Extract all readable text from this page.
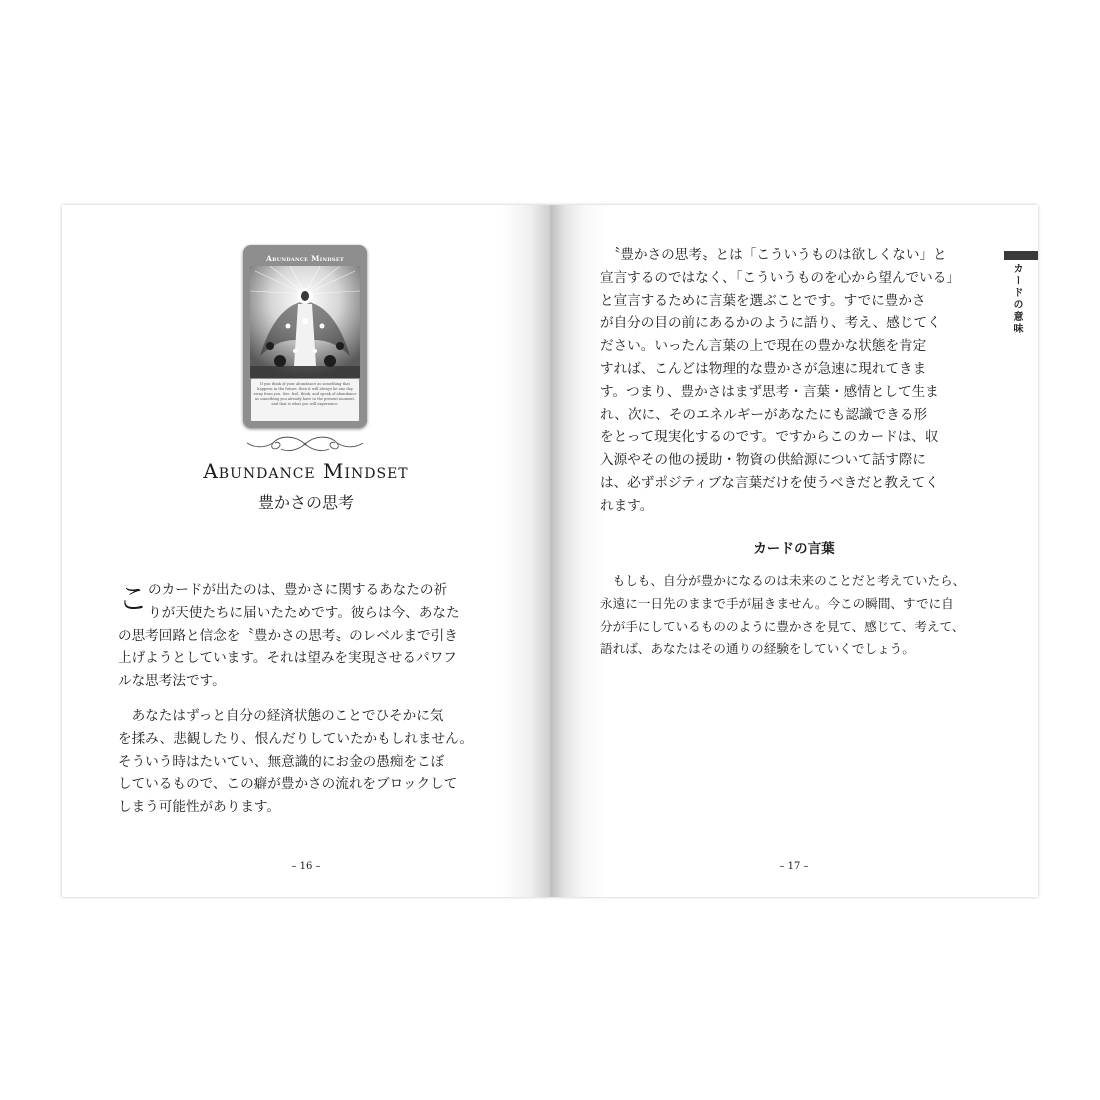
Abundance Mindset
If you think of your abundance as something that happens in the future, then it will always be one day away from you. See, feel, think, and speak of abundance as something you already have in the present moment, and that is what you will experience.
Abundance Mindset
豊かさの思考
こ のカードが出たのは、豊かさに関するあなたの祈
りが天使たちに届いたためです。彼らは今、あなた
の思考回路と信念を〝豊かさの思考〟のレベルまで引き
上げようとしています。それは望みを実現させるパワフ
ルな思考法です。
　あなたはずっと自分の経済状態のことでひそかに気
を揉み、悲観したり、恨んだりしていたかもしれません。
そういう時はたいてい、無意識的にお金の愚痴をこぼ
しているもので、この癖が豊かさの流れをブロックして
しまう可能性があります。
– 16 –
カードの意味
　〝豊かさの思考〟とは「こういうものは欲しくない」と
宣言するのではなく、「こういうものを心から望んでいる」
と宣言するために言葉を選ぶことです。すでに豊かさ
が自分の目の前にあるかのように語り、考え、感じてく
ださい。いったん言葉の上で現在の豊かな状態を肯定
すれば、こんどは物理的な豊かさが急速に現れてきま
す。つまり、豊かさはまず思考・言葉・感情として生ま
れ、次に、そのエネルギーがあなたにも認識できる形
をとって現実化するのです。ですからこのカードは、収
入源やその他の援助・物資の供給源について話す際に
は、必ずポジティブな言葉だけを使うべきだと教えてく
れます。
カードの言葉
　もしも、自分が豊かになるのは未来のことだと考えていたら、
永遠に一日先のままで手が届きません。今この瞬間、すでに自
分が手にしているもののように豊かさを見て、感じて、考えて、
語れば、あなたはその通りの経験をしていくでしょう。
– 17 –
